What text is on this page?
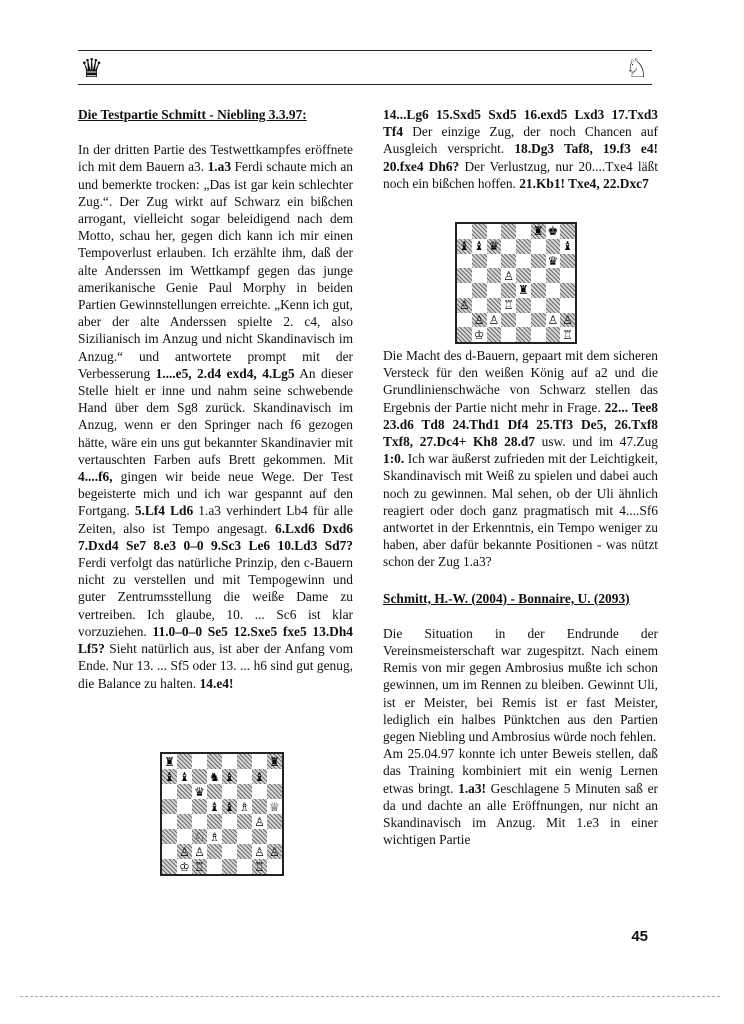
♛	♘

Die Testpartie Schmitt - Niebling 3.3.97:

In der dritten Partie des Testwettkampfes eröffnete ich mit dem Bauern a3. 1.a3 Ferdi schaute mich an und bemerkte trocken: „Das ist gar kein schlechter Zug.“. Der Zug wirkt auf Schwarz ein bißchen arrogant, vielleicht sogar beleidigend nach dem Motto, schau her, gegen dich kann ich mir einen Tempoverlust erlauben. Ich erzählte ihm, daß der alte Anderssen im Wettkampf gegen das junge amerikanische Genie Paul Morphy in beiden Partien Gewinnstellungen erreichte. „Kenn ich gut, aber der alte Anderssen spielte 2. c4, also Sizilianisch im Anzug und nicht Skandinavisch im Anzug.“ und antwortete prompt mit der Verbesserung 1....e5, 2.d4 exd4, 4.Lg5 An dieser Stelle hielt er inne und nahm seine schwebende Hand über dem Sg8 zurück. Skandinavisch im Anzug, wenn er den Springer nach f6 gezogen hätte, wäre ein uns gut bekannter Skandinavier mit vertauschten Farben aufs Brett gekommen. Mit 4....f6, gingen wir beide neue Wege. Der Test begeisterte mich und ich war gespannt auf den Fortgang. 5.Lf4 Ld6 1.a3 verhindert Lb4 für alle Zeiten, also ist Tempo angesagt. 6.Lxd6 Dxd6 7.Dxd4 Se7 8.e3 0–0 9.Sc3 Le6 10.Ld3 Sd7? Ferdi verfolgt das natürliche Prinzip, den c-Bauern nicht zu verstellen und mit Tempogewinn und guter Zentrumsstellung die weiße Dame zu vertreiben. Ich glaube, 10. ... Sc6 ist klar vorzuziehen. 11.0–0–0 Se5 12.Sxe5 fxe5 13.Dh4 Lf5? Sieht natürlich aus, ist aber der Anfang vom Ende. Nur 13. ... Sf5 oder 13. ... h6 sind gut genug, die Balance zu halten. 14.e4!

♜	♜
♝ ♝ ♞ ♝ ♝
♛
♝ ♝ ♗ ♕
♙
♘ ♗
♙ ♙	♙ ♙
♔ ♖	♖

14...Lg6 15.Sxd5 Sxd5 16.exd5 Lxd3 17.Txd3 Tf4 Der einzige Zug, der noch Chancen auf Ausgleich verspricht. 18.Dg3 Taf8, 19.f3 e4! 20.fxe4 Dh6? Der Verlustzug, nur 20....Txe4 läßt noch ein bißchen hoffen. 21.Kb1! Txe4, 22.Dxc7

Die Macht des d-Bauern, gepaart mit dem sicheren Versteck für den weißen König auf a2 und die Grundlinienschwäche von Schwarz stellen das Ergebnis der Partie nicht mehr in Frage. 22... Tee8 23.d6 Td8 24.Thd1 Df4 25.Tf3 De5, 26.Txf8 Txf8, 27.Dc4+ Kh8 28.d7 usw. und im 47.Zug 1:0. Ich war äußerst zufrieden mit der Leichtigkeit, Skandinavisch mit Weiß zu spielen und dabei auch noch zu gewinnen. Mal sehen, ob der Uli ähnlich reagiert oder doch ganz pragmatisch mit 4....Sf6 antwortet in der Erkenntnis, ein Tempo weniger zu haben, aber dafür bekannte Positionen - was nützt schon der Zug 1.a3?

Schmitt, H.-W. (2004) - Bonnaire, U. (2093)

Die Situation in der Endrunde der Vereinsmeisterschaft war zugespitzt. Nach einem Remis von mir gegen Ambrosius mußte ich schon gewinnen, um im Rennen zu bleiben. Gewinnt Uli, ist er Meister, bei Remis ist er fast Meister, lediglich ein halbes Pünktchen aus den Partien gegen Niebling und Ambrosius würde noch fehlen.

Am 25.04.97 konnte ich unter Beweis stellen, daß das Training kombiniert mit ein wenig Lernen etwas bringt. 1.a3! Geschlagene 5 Minuten saß er da und dachte an alle Eröffnungen, nur nicht an Skandinavisch im Anzug. Mit 1.e3 in einer wichtigen Partie

♜ ♚
♝ ♝ ♛	♝
♛
♙
♜
♙	♖
♙ ♙	♙ ♙
♔	♖
45
